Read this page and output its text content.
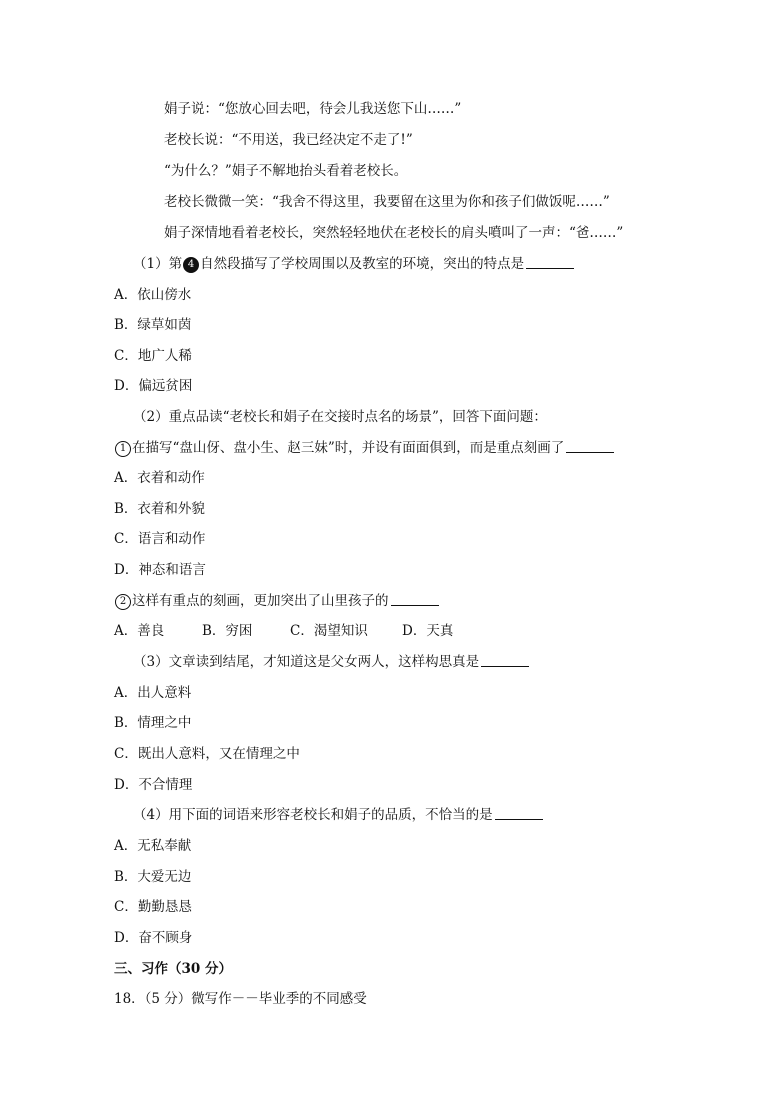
娟子说：“您放心回去吧，待会儿我送您下山……”
老校长说：“不用送，我已经决定不走了!”
“为什么？”娟子不解地抬头看着老校长。
老校长微微一笑：“我舍不得这里，我要留在这里为你和孩子们做饭呢……”
娟子深情地看着老校长，突然轻轻地伏在老校长的肩头噴叫了一声：“爸……”
（1）第 4 自然段描写了学校周围以及教室的环境，突出的特点是
A．依山傍水
B．绿草如茵
C．地广人稀
D．偏远贫困
（2）重点品读“老校长和娟子在交接时点名的场景”，回答下面问题：
1 在描写“盘山伢、盘小生、赵三妹”时，并设有面面俱到，而是重点刻画了
A．衣着和动作
B．衣着和外貌
C．语言和动作
D．神态和语言
2 这样有重点的刻画，更加突出了山里孩子的
A．善良	B．穷困	C．渴望知识	D．天真
（3）文章读到结尾，才知道这是父女两人，这样构思真是
A．出人意料
B．情理之中
C．既出人意料，又在情理之中
D．不合情理
（4）用下面的词语来形容老校长和娟子的品质，不恰当的是
A．无私奉献
B．大爱无边
C．勤勤恳恳
D．奋不顾身
三、习作（30 分）
18．（5 分）微写作－－毕业季的不同感受
